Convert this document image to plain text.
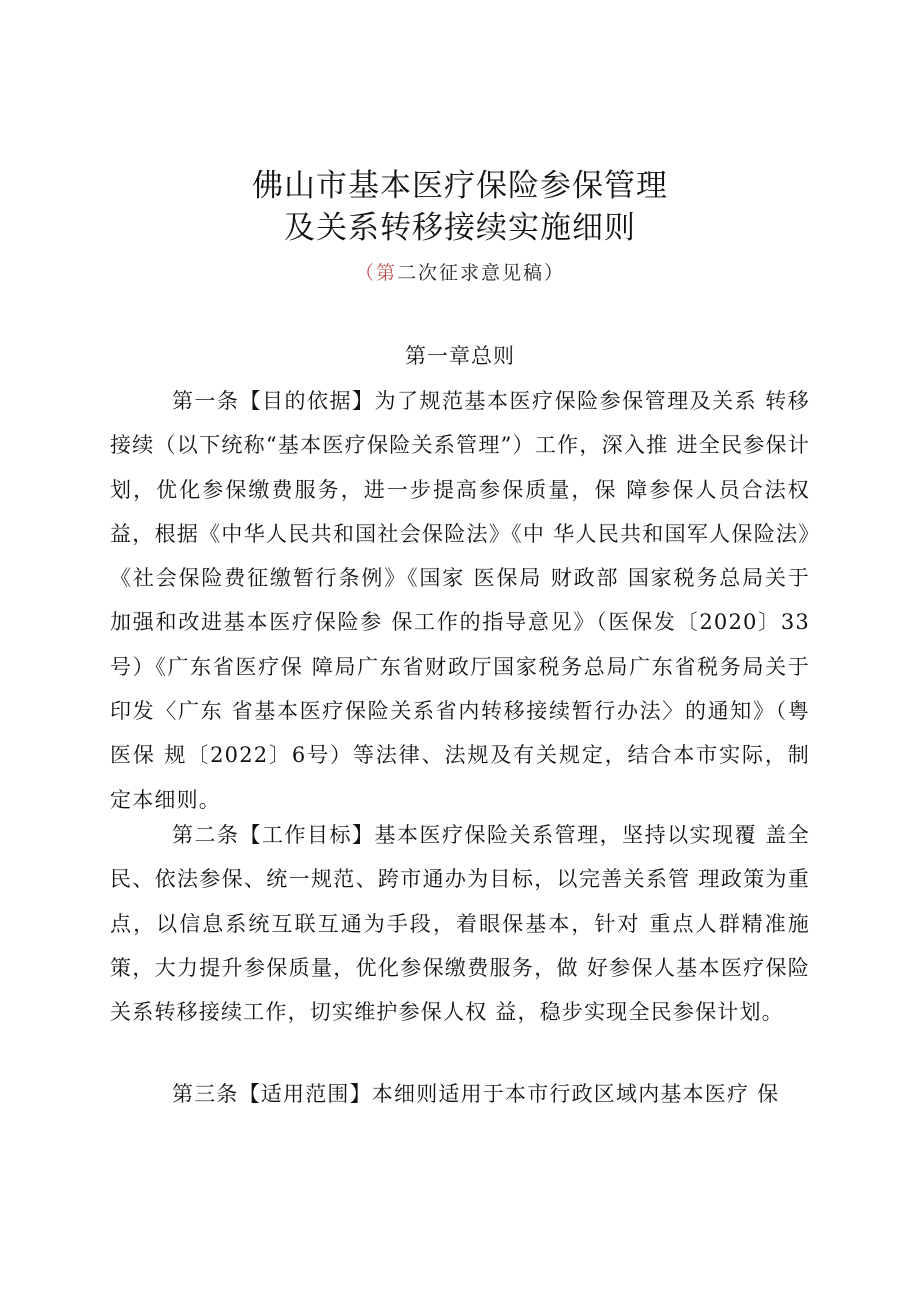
佛山市基本医疗保险参保管理
及关系转移接续实施细则
（第二次征求意见稿）
第一章总则

第一条【目的依据】为了规范基本医疗保险参保管理及关系 转移接续（以下统称“基本医疗保险关系管理”）工作，深入推 进全民参保计划，优化参保缴费服务，进一步提高参保质量，保 障参保人员合法权益，根据《中华人民共和国社会保险法》《中 华人民共和国军人保险法》《社会保险费征缴暂行条例》《国家 医保局 财政部 国家税务总局关于加强和改进基本医疗保险参 保工作的指导意见》（医保发〔2020〕33号）《广东省医疗保 障局广东省财政厅国家税务总局广东省税务局关于印发〈广东 省基本医疗保险关系省内转移接续暂行办法〉的通知》（粤医保 规〔2022〕6号）等法律、法规及有关规定，结合本市实际，制 定本细则。

第二条【工作目标】基本医疗保险关系管理，坚持以实现覆 盖全民、依法参保、统一规范、跨市通办为目标，以完善关系管 理政策为重点，以信息系统互联互通为手段，着眼保基本，针对 重点人群精准施策，大力提升参保质量，优化参保缴费服务，做 好参保人基本医疗保险关系转移接续工作，切实维护参保人权 益，稳步实现全民参保计划。

第三条【适用范围】本细则适用于本市行政区域内基本医疗 保
